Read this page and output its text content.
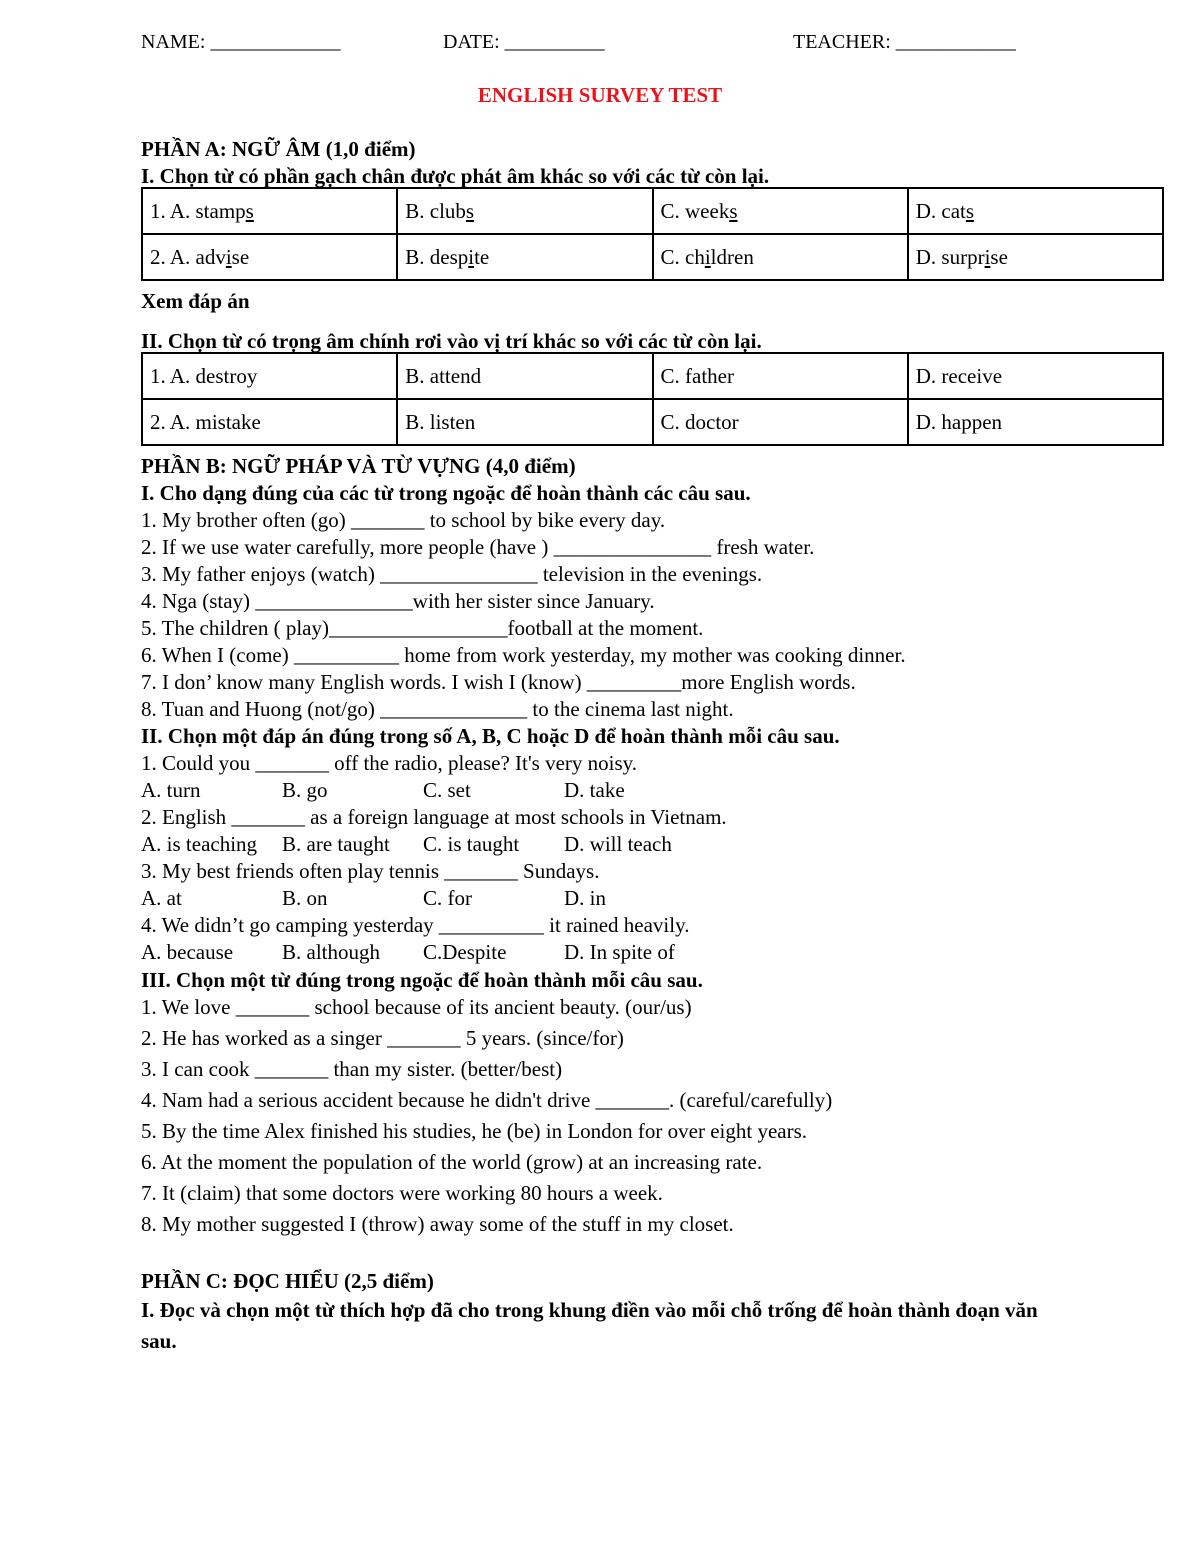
NAME: _____________	DATE: __________	TEACHER: ____________
ENGLISH SURVEY TEST
PHẦN A: NGỮ ÂM (1,0 điểm)
I. Chọn từ có phần gạch chân được phát âm khác so với các từ còn lại.
1. A. stamps	B. clubs	C. weeks	D. cats
2. A. advise	B. despite	C. children	D. surprise
Xem đáp án
II. Chọn từ có trọng âm chính rơi vào vị trí khác so với các từ còn lại.
1. A. destroy	B. attend	C. father	D. receive
2. A. mistake	B. listen	C. doctor	D. happen
PHẦN B: NGỮ PHÁP VÀ TỪ VỰNG (4,0 điểm)
I. Cho dạng đúng của các từ trong ngoặc để hoàn thành các câu sau.
1. My brother often (go) _______ to school by bike every day.
2. If we use water carefully, more people (have ) _______________ fresh water.
3. My father enjoys (watch) _______________ television in the evenings.
4. Nga (stay) _______________with her sister since January.
5. The children ( play)_________________football at the moment.
6. When I (come) __________ home from work yesterday, my mother was cooking dinner.
7. I don’ know many English words. I wish I (know) _________more English words.
8. Tuan and Huong (not/go) ______________ to the cinema last night.
II. Chọn một đáp án đúng trong số A, B, C hoặc D để hoàn thành mỗi câu sau.
1. Could you _______ off the radio, please? It's very noisy.
A. turn	B. go	C. set	D. take
2. English _______ as a foreign language at most schools in Vietnam.
A. is teaching B. are taught C. is taught D. will teach
3. My best friends often play tennis _______ Sundays.
A. at	B. on	C. for	D. in
4. We didn’t go camping yesterday __________ it rained heavily.
A. because B. although C.Despite	D. In spite of
III. Chọn một từ đúng trong ngoặc để hoàn thành mỗi câu sau.
1. We love _______ school because of its ancient beauty. (our/us)
2. He has worked as a singer _______ 5 years. (since/for)
3. I can cook _______ than my sister. (better/best)
4. Nam had a serious accident because he didn't drive _______. (careful/carefully)
5. By the time Alex finished his studies, he (be) in London for over eight years.
6. At the moment the population of the world (grow) at an increasing rate.
7. It (claim) that some doctors were working 80 hours a week.
8. My mother suggested I (throw) away some of the stuff in my closet.
PHẦN C: ĐỌC HIỂU (2,5 điểm)
I. Đọc và chọn một từ thích hợp đã cho trong khung điền vào mỗi chỗ trống để hoàn thành đoạn văn sau.
